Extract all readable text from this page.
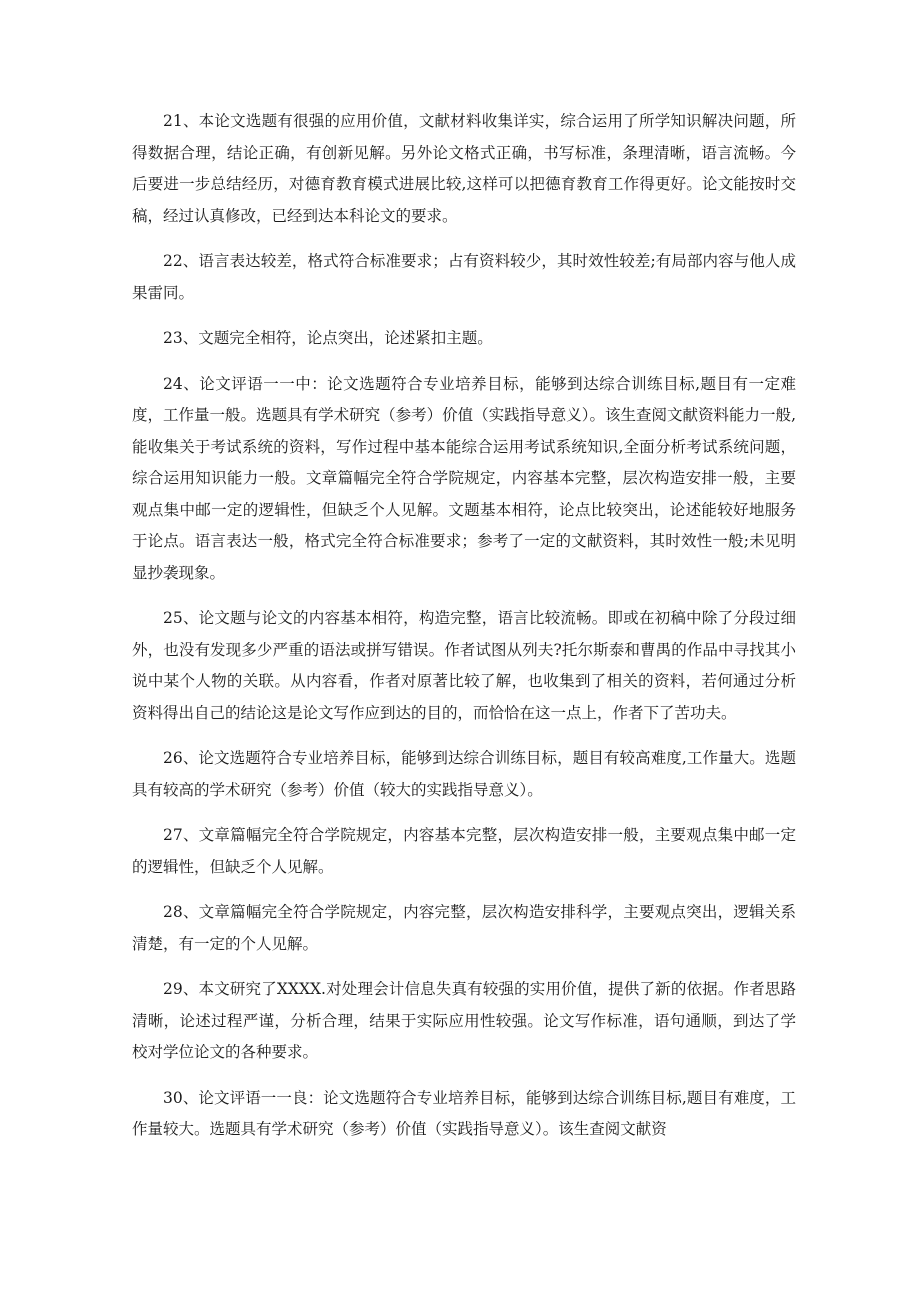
21、本论文选题有很强的应用价值，文献材料收集详实，综合运用了所学知识解决问题，所得数据合理，结论正确，有创新见解。另外论文格式正确，书写标准，条理清晰，语言流畅。今后要进一步总结经历，对德育教育模式进展比较,这样可以把德育教育工作得更好。论文能按时交稿，经过认真修改，已经到达本科论文的要求。

22、语言表达较差，格式符合标准要求；占有资料较少，其时效性较差;有局部内容与他人成果雷同。

23、文题完全相符，论点突出，论述紧扣主题。

24、论文评语一一中：论文选题符合专业培养目标，能够到达综合训练目标,题目有一定难度，工作量一般。选题具有学术研究（参考）价值（实践指导意义）。该生查阅文献资料能力一般,能收集关于考试系统的资料，写作过程中基本能综合运用考试系统知识,全面分析考试系统问题，综合运用知识能力一般。文章篇幅完全符合学院规定，内容基本完整，层次构造安排一般，主要观点集中邮一定的逻辑性，但缺乏个人见解。文题基本相符，论点比较突出，论述能较好地服务于论点。语言表达一般，格式完全符合标准要求；参考了一定的文献资料，其时效性一般;未见明显抄袭现象。

25、论文题与论文的内容基本相符，构造完整，语言比较流畅。即或在初稿中除了分段过细外，也没有发现多少严重的语法或拼写错误。作者试图从列夫?托尔斯泰和曹禺的作品中寻找其小说中某个人物的关联。从内容看，作者对原著比较了解，也收集到了相关的资料，若何通过分析资料得出自己的结论这是论文写作应到达的目的，而恰恰在这一点上，作者下了苦功夫。

26、论文选题符合专业培养目标，能够到达综合训练目标，题目有较高难度,工作量大。选题具有较高的学术研究（参考）价值（较大的实践指导意义）。

27、文章篇幅完全符合学院规定，内容基本完整，层次构造安排一般，主要观点集中邮一定的逻辑性，但缺乏个人见解。

28、文章篇幅完全符合学院规定，内容完整，层次构造安排科学，主要观点突出，逻辑关系清楚，有一定的个人见解。

29、本文研究了XXXX.对处理会计信息失真有较强的实用价值，提供了新的依据。作者思路清晰，论述过程严谨，分析合理，结果于实际应用性较强。论文写作标准，语句通顺，到达了学校对学位论文的各种要求。

30、论文评语一一良：论文选题符合专业培养目标，能够到达综合训练目标,题目有难度，工作量较大。选题具有学术研究（参考）价值（实践指导意义）。该生查阅文献资
